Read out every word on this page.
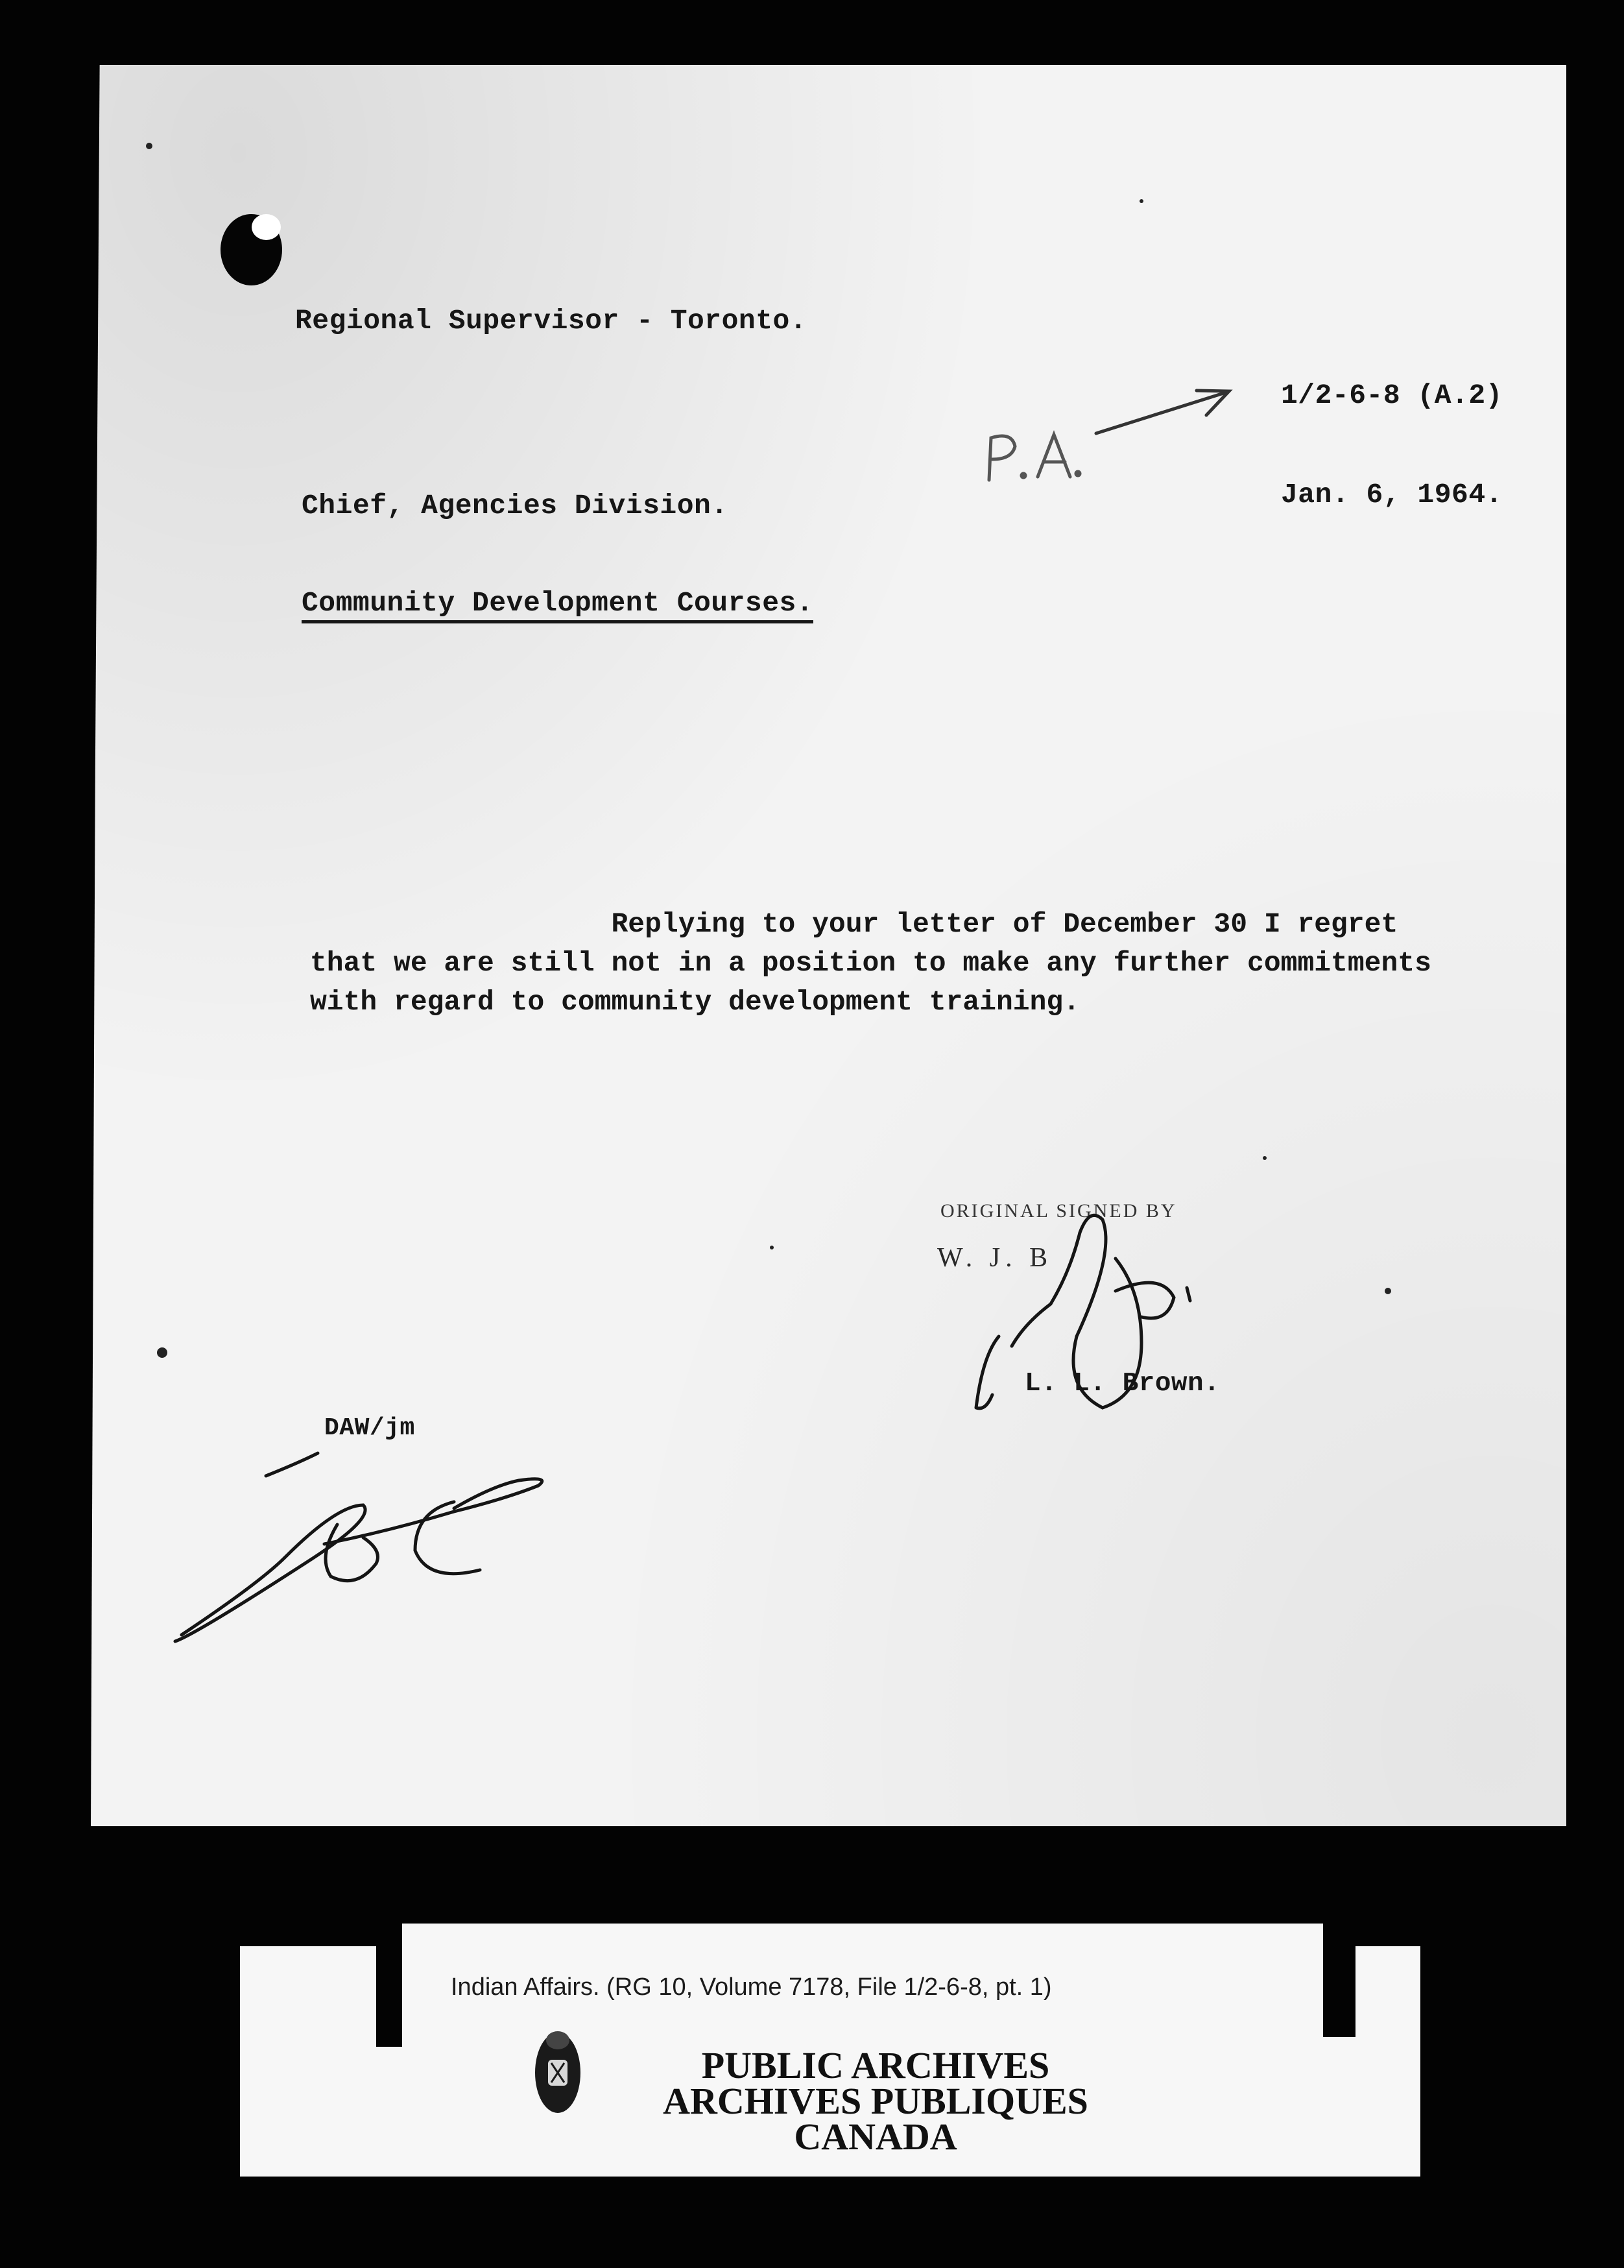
Regional Supervisor - Toronto.
1/2-6-8 (A.2)
Chief, Agencies Division.	Jan. 6, 1964.
Community Development Courses.
Replying to your letter of December 30 I regret
that we are still not in a position to make any further commitments
with regard to community development training.
ORIGINAL SIGNED BY
W. J. B
L. L. Brown.
DAW/jm
Indian Affairs. (RG 10, Volume 7178, File 1/2-6-8, pt. 1)
PUBLIC ARCHIVES
ARCHIVES PUBLIQUES
CANADA
